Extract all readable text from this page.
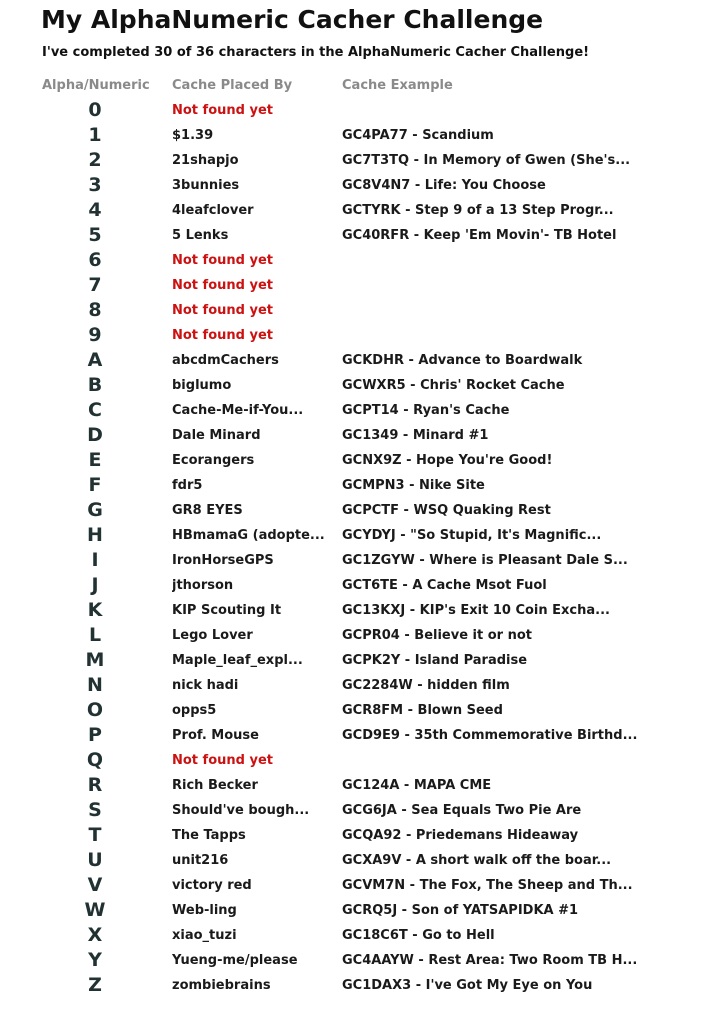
My AlphaNumeric Cacher Challenge
I've completed 30 of 36 characters in the AlphaNumeric Cacher Challenge!
Alpha/Numeric	Cache Placed By	Cache Example
0	Not found yet
1	$1.39	GC4PA77 - Scandium
2	21shapjo	GC7T3TQ - In Memory of Gwen (She's...
3	3bunnies	GC8V4N7 - Life: You Choose
4	4leafclover	GCTYRK - Step 9 of a 13 Step Progr...
5	5 Lenks	GC40RFR - Keep 'Em Movin'- TB Hotel
6	Not found yet
7	Not found yet
8	Not found yet
9	Not found yet
A	abcdmCachers	GCKDHR - Advance to Boardwalk
B	biglumo	GCWXR5 - Chris' Rocket Cache
C	Cache-Me-if-You...	GCPT14 - Ryan's Cache
D	Dale Minard	GC1349 - Minard #1
E	Ecorangers	GCNX9Z - Hope You're Good!
F	fdr5	GCMPN3 - Nike Site
G	GR8 EYES	GCPCTF - WSQ Quaking Rest
H	HBmamaG (adopte...	GCYDYJ - "So Stupid, It's Magnific...
I	IronHorseGPS	GC1ZGYW - Where is Pleasant Dale S...
J	jthorson	GCT6TE - A Cache Msot Fuol
K	KIP Scouting It	GC13KXJ - KIP's Exit 10 Coin Excha...
L	Lego Lover	GCPR04 - Believe it or not
M	Maple_leaf_expl...	GCPK2Y - Island Paradise
N	nick hadi	GC2284W - hidden film
O	opps5	GCR8FM - Blown Seed
P	Prof. Mouse	GCD9E9 - 35th Commemorative Birthd...
Q	Not found yet
R	Rich Becker	GC124A - MAPA CME
S	Should've bough...	GCG6JA - Sea Equals Two Pie Are
T	The Tapps	GCQA92 - Priedemans Hideaway
U	unit216	GCXA9V - A short walk off the boar...
V	victory red	GCVM7N - The Fox, The Sheep and Th...
W	Web-ling	GCRQ5J - Son of YATSAPIDKA #1
X	xiao_tuzi	GC18C6T - Go to Hell
Y	Yueng-me/please	GC4AAYW - Rest Area: Two Room TB H...
Z	zombiebrains	GC1DAX3 - I've Got My Eye on You
